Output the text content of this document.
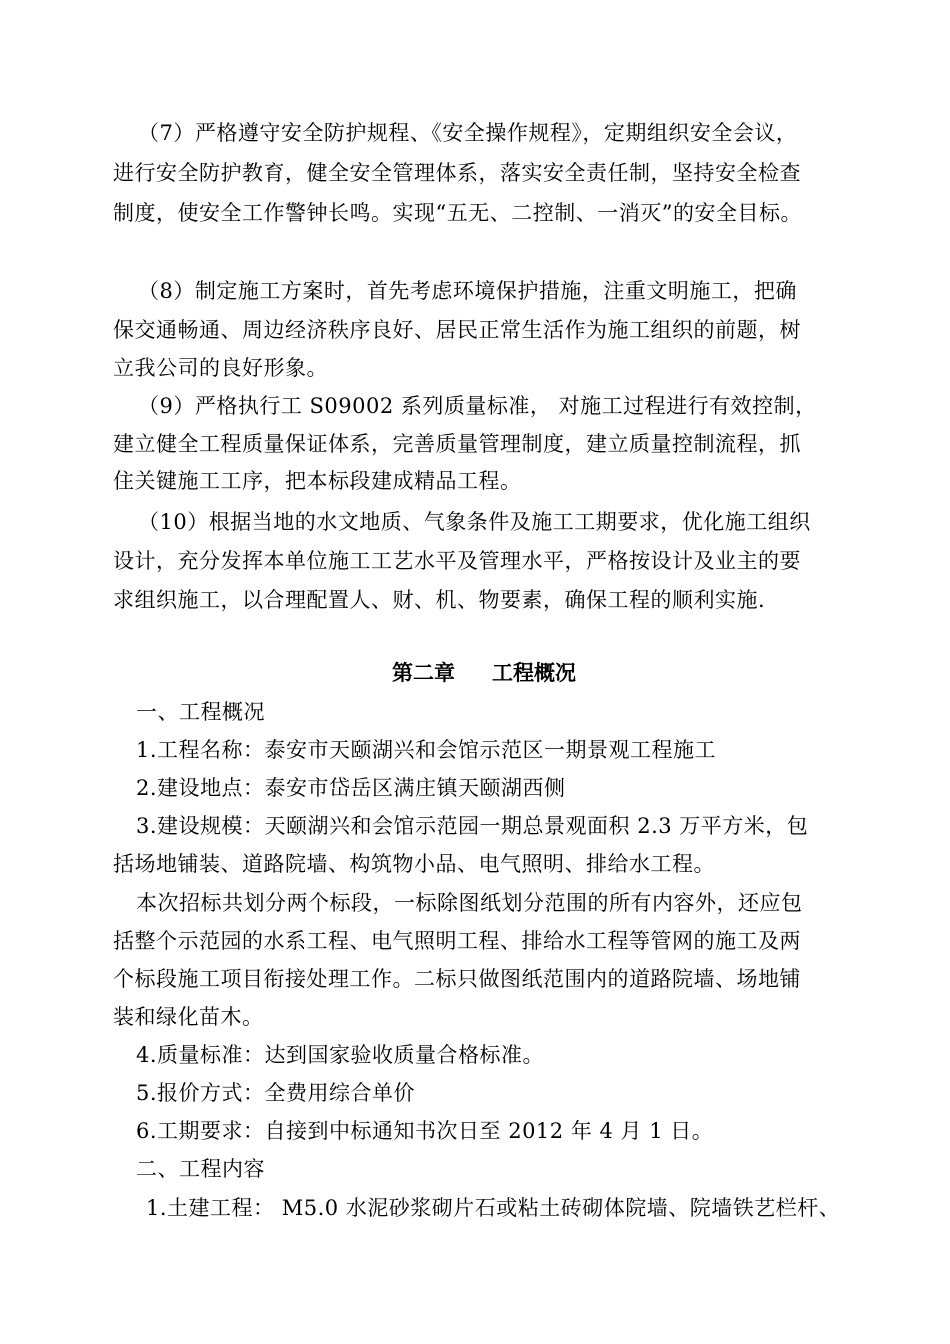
（7）严格遵守安全防护规程、《安全操作规程》，定期组织安全会议，
进行安全防护教育，健全安全管理体系，落实安全责任制，坚持安全检查
制度，使安全工作警钟长鸣。实现“五无、二控制、一消灭”的安全目标。
（8）制定施工方案时，首先考虑环境保护措施，注重文明施工，把确
保交通畅通、周边经济秩序良好、居民正常生活作为施工组织的前题，树
立我公司的良好形象。
（9）严格执行工 S09002 系列质量标准， 对施工过程进行有效控制，
建立健全工程质量保证体系，完善质量管理制度，建立质量控制流程，抓
住关键施工工序，把本标段建成精品工程。
（10）根据当地的水文地质、气象条件及施工工期要求，优化施工组织
设计，充分发挥本单位施工工艺水平及管理水平，严格按设计及业主的要
求组织施工，以合理配置人、财、机、物要素，确保工程的顺利实施.
第二章 工程概况
一、工程概况
1.工程名称：泰安市天颐湖兴和会馆示范区一期景观工程施工
2.建设地点：泰安市岱岳区满庄镇天颐湖西侧
3.建设规模：天颐湖兴和会馆示范园一期总景观面积 2.3 万平方米，包
括场地铺装、道路院墙、构筑物小品、电气照明、排给水工程。
本次招标共划分两个标段，一标除图纸划分范围的所有内容外，还应包
括整个示范园的水系工程、电气照明工程、排给水工程等管网的施工及两
个标段施工项目衔接处理工作。二标只做图纸范围内的道路院墙、场地铺
装和绿化苗木。
4.质量标准：达到国家验收质量合格标准。
5.报价方式：全费用综合单价
6.工期要求：自接到中标通知书次日至 2012 年 4 月 1 日。
二、工程内容
1.土建工程： M5.0 水泥砂浆砌片石或粘土砖砌体院墙、院墙铁艺栏杆、
